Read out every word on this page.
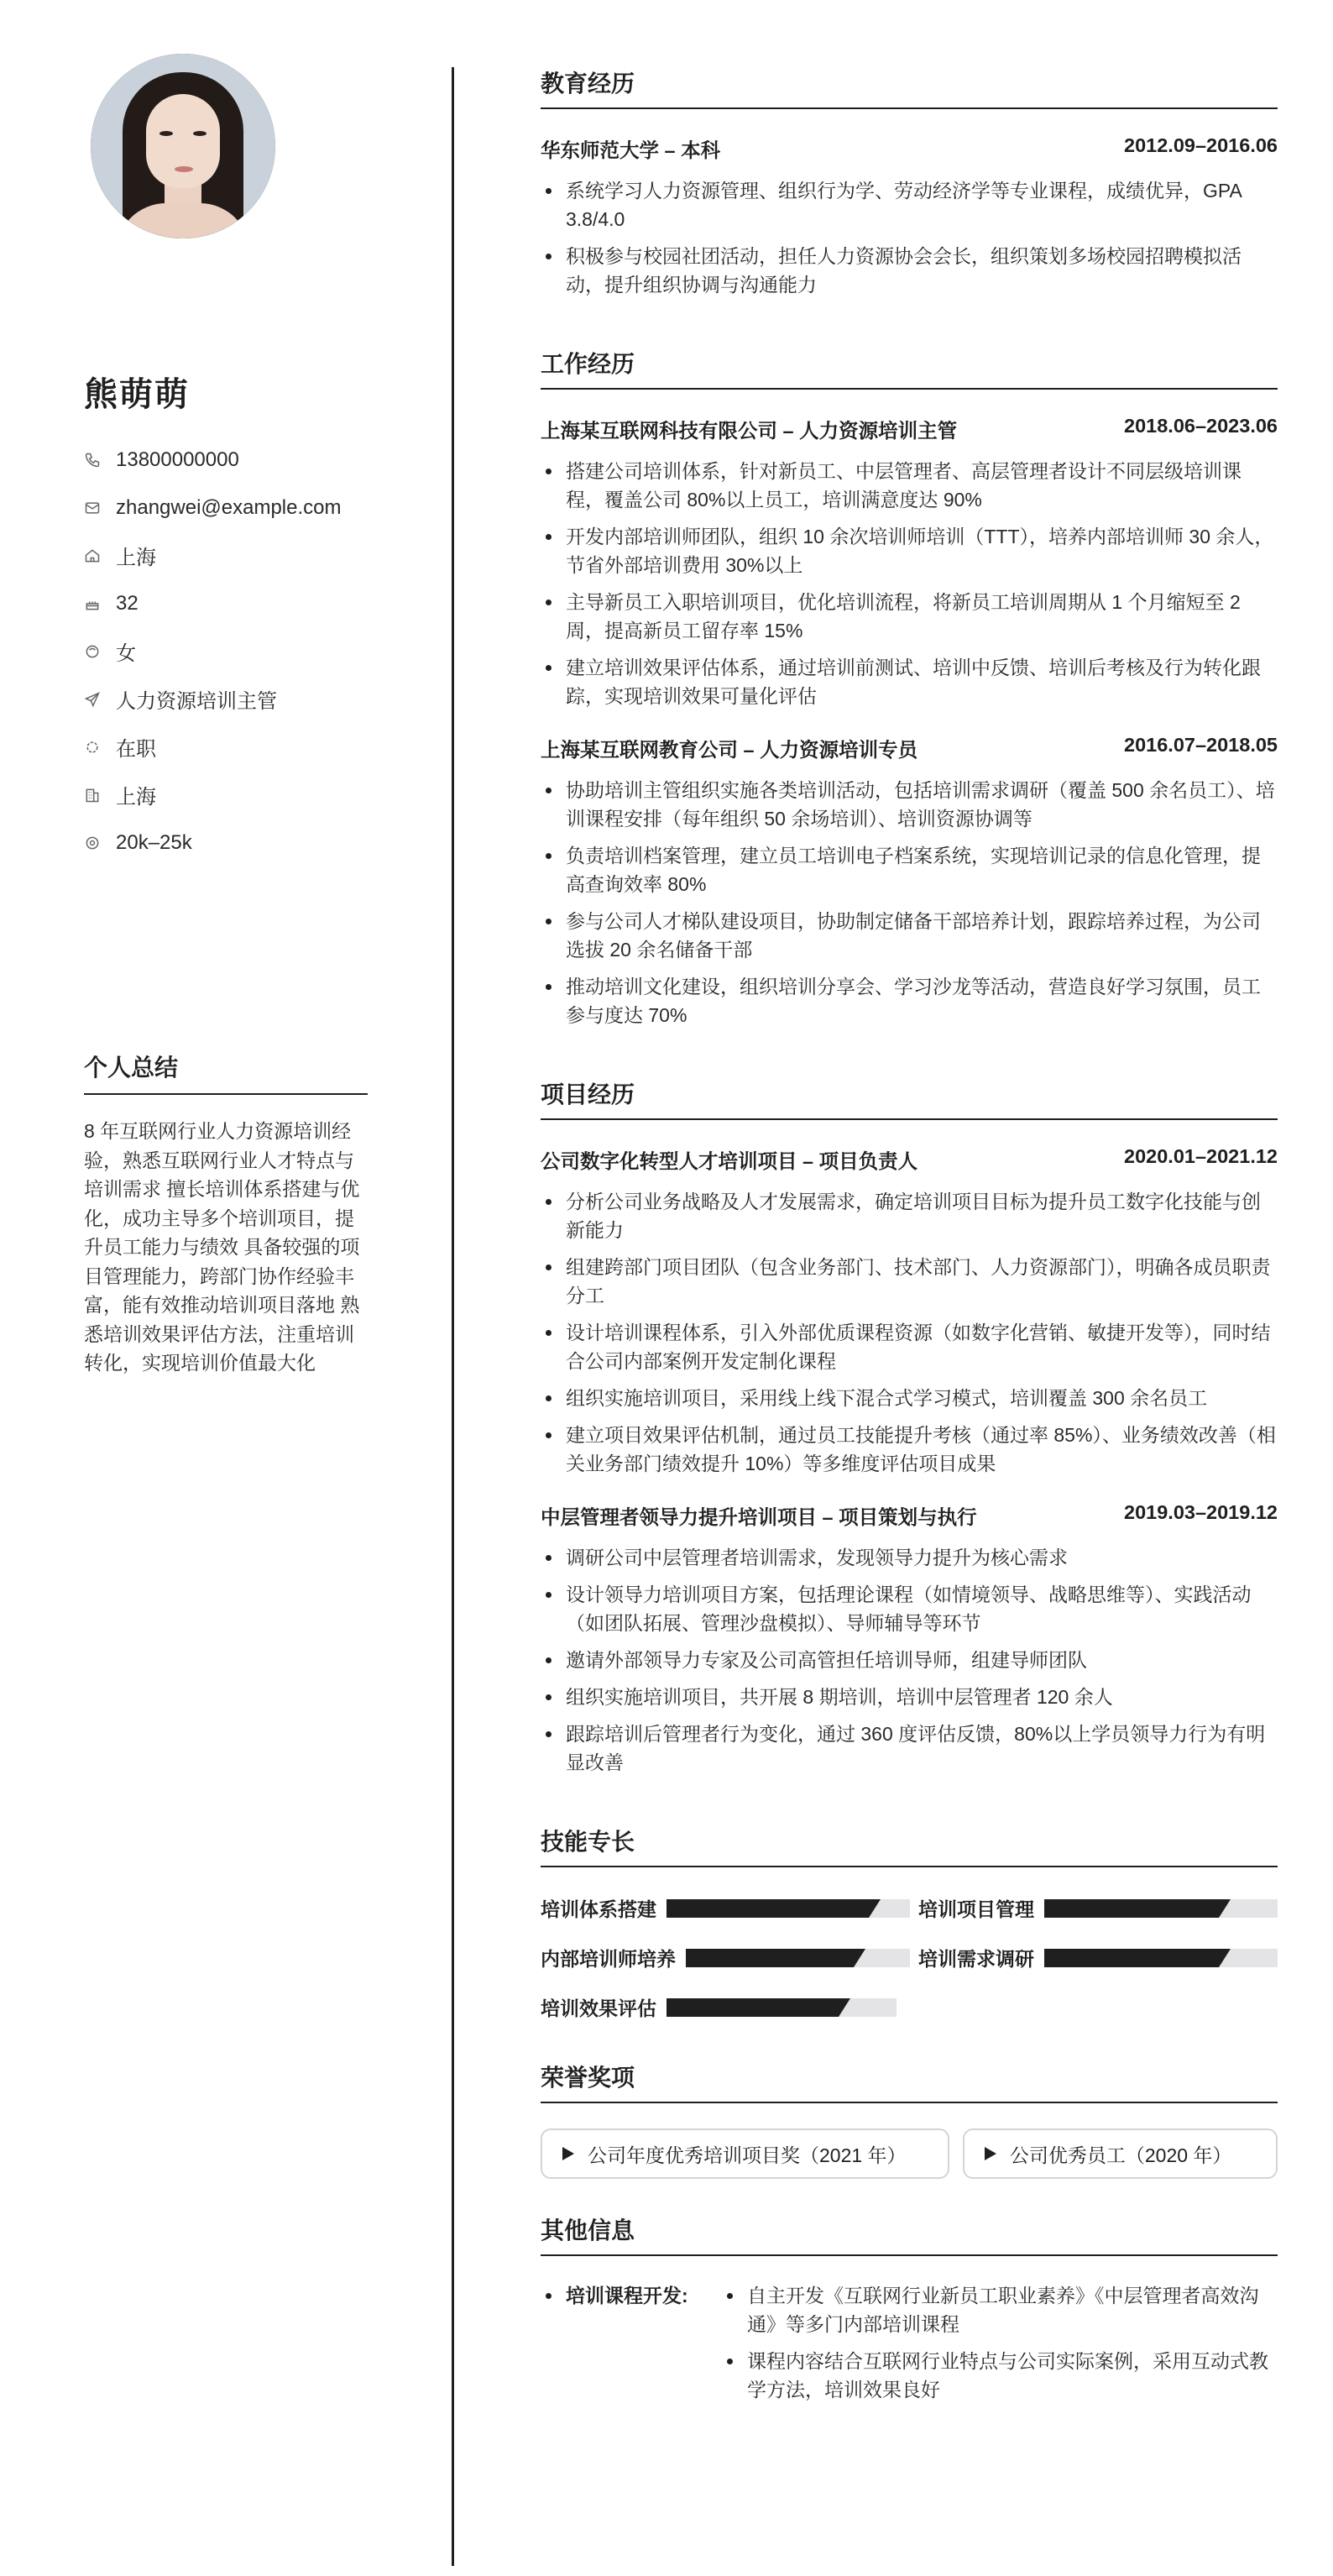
熊萌萌
13800000000
zhangwei@example.com
上海
32
女
人力资源培训主管
在职
上海
20k–25k
个人总结
8 年互联网行业人力资源培训经验，熟悉互联网行业人才特点与培训需求 擅长培训体系搭建与优化，成功主导多个培训项目，提升员工能力与绩效 具备较强的项目管理能力，跨部门协作经验丰富，能有效推动培训项目落地 熟悉培训效果评估方法，注重培训转化，实现培训价值最大化
教育经历
华东师范大学 – 本科	2012.09–2016.06
系统学习人力资源管理、组织行为学、劳动经济学等专业课程，成绩优异，GPA 3.8/4.0
积极参与校园社团活动，担任人力资源协会会长，组织策划多场校园招聘模拟活动，提升组织协调与沟通能力
工作经历
上海某互联网科技有限公司 – 人力资源培训主管	2018.06–2023.06
搭建公司培训体系，针对新员工、中层管理者、高层管理者设计不同层级培训课程，覆盖公司 80%以上员工，培训满意度达 90%
开发内部培训师团队，组织 10 余次培训师培训（TTT），培养内部培训师 30 余人，节省外部培训费用 30%以上
主导新员工入职培训项目，优化培训流程，将新员工培训周期从 1 个月缩短至 2 周，提高新员工留存率 15%
建立培训效果评估体系，通过培训前测试、培训中反馈、培训后考核及行为转化跟踪，实现培训效果可量化评估
上海某互联网教育公司 – 人力资源培训专员	2016.07–2018.05
协助培训主管组织实施各类培训活动，包括培训需求调研（覆盖 500 余名员工）、培训课程安排（每年组织 50 余场培训）、培训资源协调等
负责培训档案管理，建立员工培训电子档案系统，实现培训记录的信息化管理，提高查询效率 80%
参与公司人才梯队建设项目，协助制定储备干部培养计划，跟踪培养过程，为公司选拔 20 余名储备干部
推动培训文化建设，组织培训分享会、学习沙龙等活动，营造良好学习氛围，员工参与度达 70%
项目经历
公司数字化转型人才培训项目 – 项目负责人	2020.01–2021.12
分析公司业务战略及人才发展需求，确定培训项目目标为提升员工数字化技能与创新能力
组建跨部门项目团队（包含业务部门、技术部门、人力资源部门），明确各成员职责分工
设计培训课程体系，引入外部优质课程资源（如数字化营销、敏捷开发等），同时结合公司内部案例开发定制化课程
组织实施培训项目，采用线上线下混合式学习模式，培训覆盖 300 余名员工
建立项目效果评估机制，通过员工技能提升考核（通过率 85%）、业务绩效改善（相关业务部门绩效提升 10%）等多维度评估项目成果
中层管理者领导力提升培训项目 – 项目策划与执行	2019.03–2019.12
调研公司中层管理者培训需求，发现领导力提升为核心需求
设计领导力培训项目方案，包括理论课程（如情境领导、战略思维等）、实践活动（如团队拓展、管理沙盘模拟）、导师辅导等环节
邀请外部领导力专家及公司高管担任培训导师，组建导师团队
组织实施培训项目，共开展 8 期培训，培训中层管理者 120 余人
跟踪培训后管理者行为变化，通过 360 度评估反馈，80%以上学员领导力行为有明显改善
技能专长
培训体系搭建	培训项目管理
内部培训师培养	培训需求调研
培训效果评估
荣誉奖项
公司年度优秀培训项目奖（2021 年）	公司优秀员工（2020 年）
其他信息
培训课程开发:	自主开发《互联网行业新员工职业素养》《中层管理者高效沟通》等多门内部培训课程
课程内容结合互联网行业特点与公司实际案例，采用互动式教学方法，培训效果良好
